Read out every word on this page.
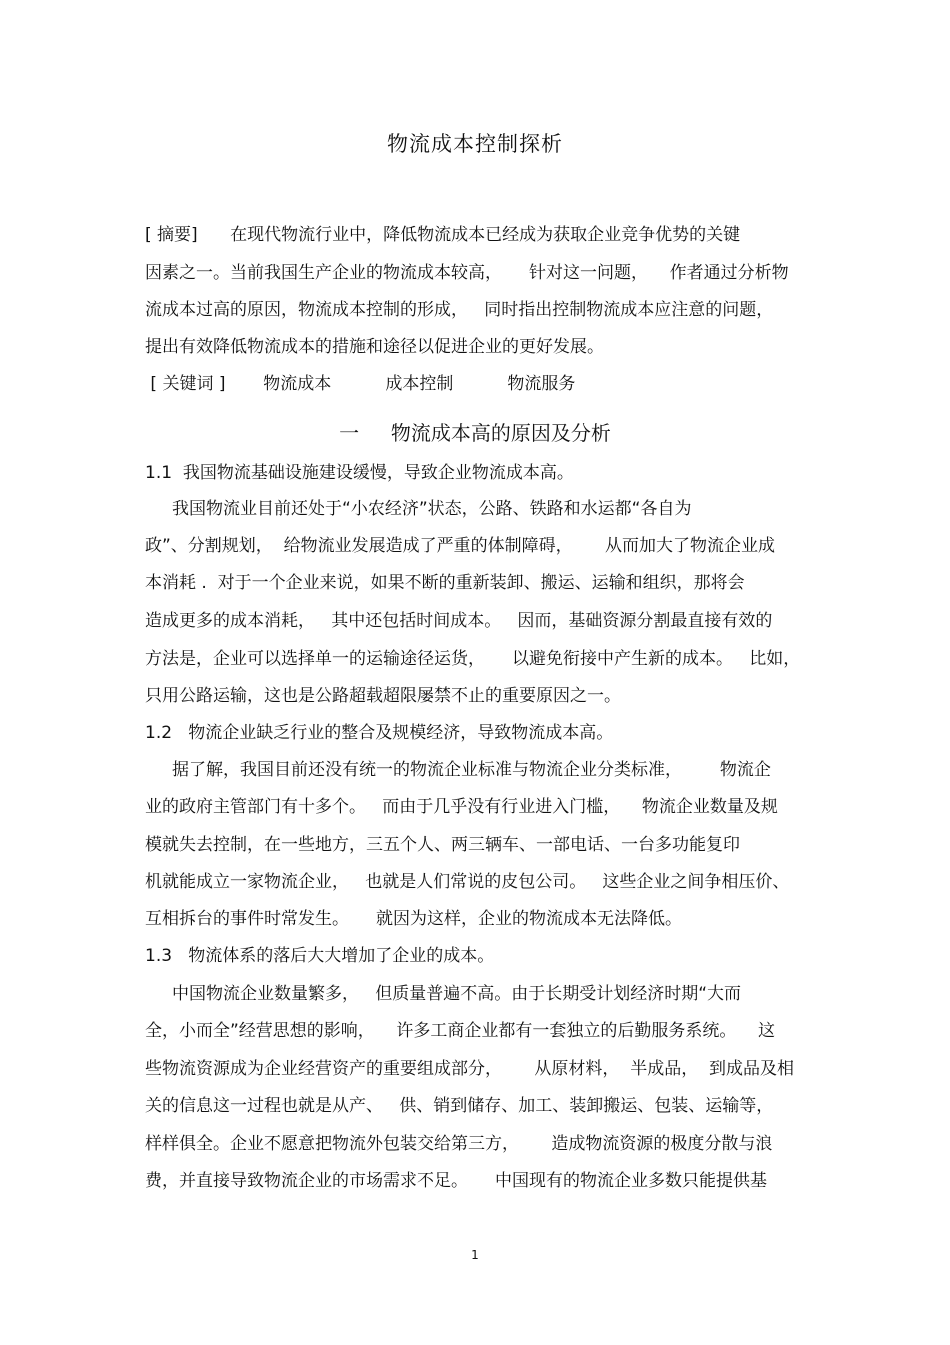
物流成本控制探析
[ 摘要]      在现代物流行业中，降低物流成本已经成为获取企业竞争优势的关键
因素之一。当前我国生产企业的物流成本较高，     针对这一问题，    作者通过分析物
流成本过高的原因，物流成本控制的形成，   同时指出控制物流成本应注意的问题，
提出有效降低物流成本的措施和途径以促进企业的更好发展。
[ 关键词 ]       物流成本          成本控制          物流服务
一     物流成本高的原因及分析
1.1  我国物流基础设施建设缓慢，导致企业物流成本高。
我国物流业目前还处于“小农经济”状态，公路、铁路和水运都“各自为
政”、分割规划，  给物流业发展造成了严重的体制障碍，      从而加大了物流企业成
本消耗 .  对于一个企业来说，如果不断的重新装卸、搬运、运输和组织，那将会
造成更多的成本消耗，   其中还包括时间成本。   因而，基础资源分割最直接有效的
方法是，企业可以选择单一的运输途径运货，     以避免衔接中产生新的成本。   比如，
只用公路运输，这也是公路超载超限屡禁不止的重要原因之一。
1.2   物流企业缺乏行业的整合及规模经济，导致物流成本高。
据了解，我国目前还没有统一的物流企业标准与物流企业分类标准，       物流企
业的政府主管部门有十多个。   而由于几乎没有行业进入门槛，    物流企业数量及规
模就失去控制，在一些地方，三五个人、两三辆车、一部电话、一台多功能复印
机就能成立一家物流企业，   也就是人们常说的皮包公司。   这些企业之间争相压价、
互相拆台的事件时常发生。     就因为这样，企业的物流成本无法降低。
1.3   物流体系的落后大大增加了企业的成本。
中国物流企业数量繁多，   但质量普遍不高。由于长期受计划经济时期“大而
全，小而全”经营思想的影响，    许多工商企业都有一套独立的后勤服务系统。    这
些物流资源成为企业经营资产的重要组成部分，      从原材料，  半成品，  到成品及相
关的信息这一过程也就是从产、   供、销到储存、加工、装卸搬运、包装、运输等，
样样俱全。企业不愿意把物流外包装交给第三方，      造成物流资源的极度分散与浪
费，并直接导致物流企业的市场需求不足。     中国现有的物流企业多数只能提供基
1
